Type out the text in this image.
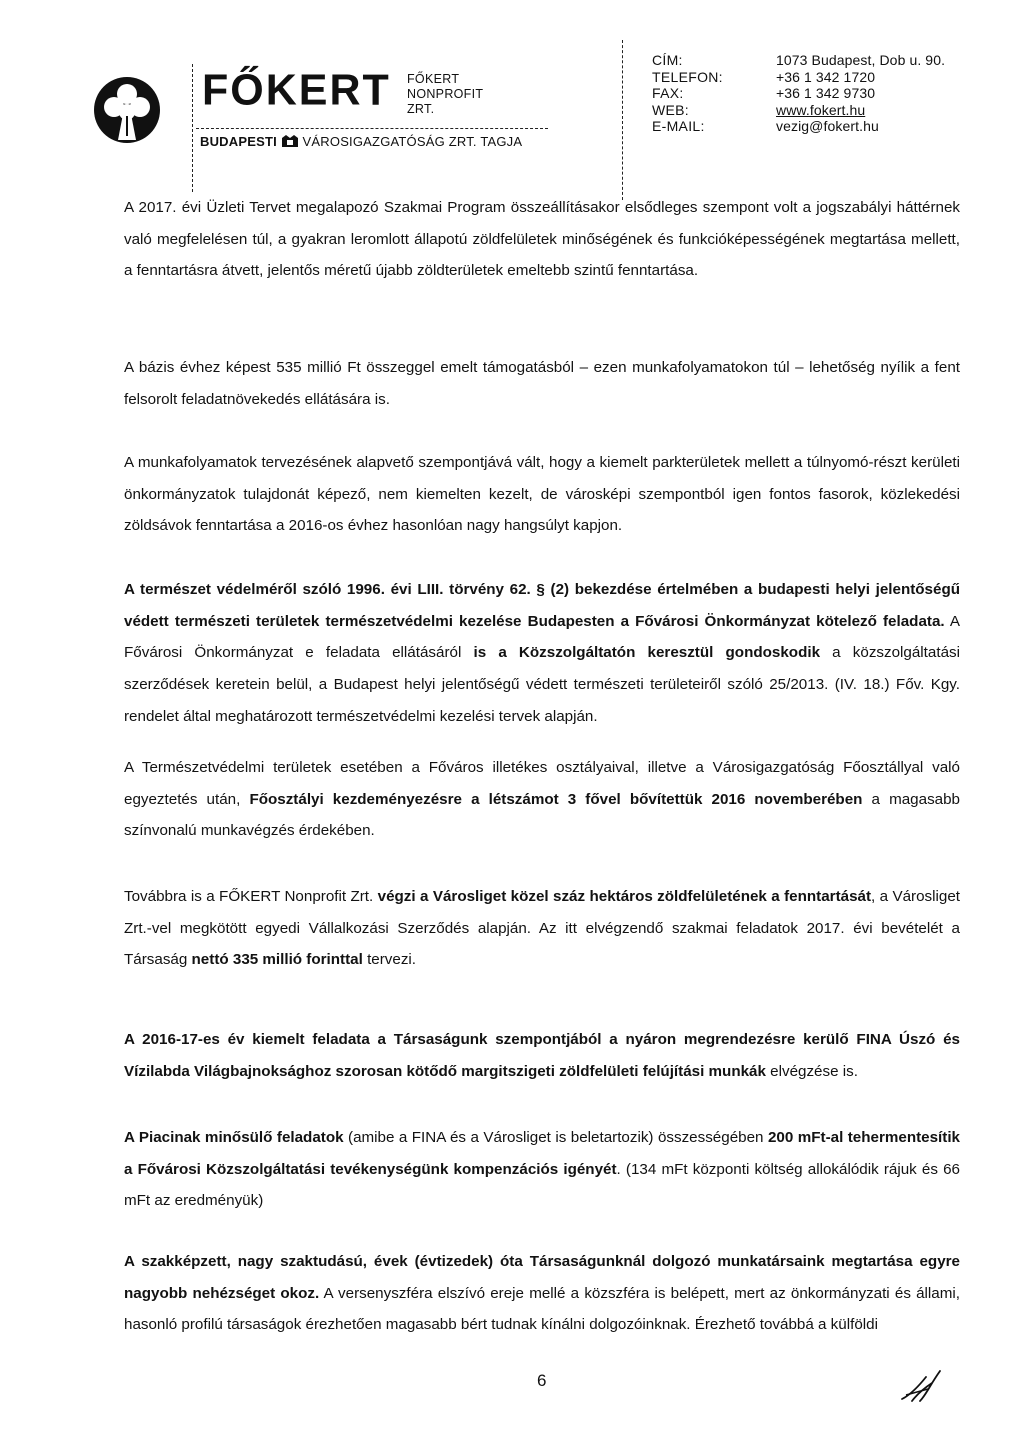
FŐKERT FŐKERT
NONPROFIT ZRT.
BUDAPESTI VÁROSIGAZGATÓSÁG ZRT. TAGJA
CÍM:	1073 Budapest, Dob u. 90.
TELEFON:	+36 1 342 1720
FAX:	+36 1 342 9730
WEB:	www.fokert.hu
E-MAIL:	vezig@fokert.hu

A 2017. évi Üzleti Tervet megalapozó Szakmai Program összeállításakor elsődleges szempont volt a jogszabályi háttérnek való megfelelésen túl, a gyakran leromlott állapotú zöldfelületek minőségének és funkcióképességének megtartása mellett, a fenntartásra átvett, jelentős méretű újabb zöldterületek emeltebb szintű fenntartása.

A bázis évhez képest 535 millió Ft összeggel emelt támogatásból – ezen munkafolyamatokon túl – lehetőség nyílik a fent felsorolt feladatnövekedés ellátására is.

A munkafolyamatok tervezésének alapvető szempontjává vált, hogy a kiemelt parkterületek mellett a túlnyomó-részt kerületi önkormányzatok tulajdonát képező, nem kiemelten kezelt, de városképi szempontból igen fontos fasorok, közlekedési zöldsávok fenntartása a 2016-os évhez hasonlóan nagy hangsúlyt kapjon.

A természet védelméről szóló 1996. évi LIII. törvény 62. § (2) bekezdése értelmében a budapesti helyi jelentőségű védett természeti területek természetvédelmi kezelése Budapesten a Fővárosi Önkormányzat kötelező feladata. A Fővárosi Önkormányzat e feladata ellátásáról is a Közszolgáltatón keresztül gondoskodik a közszolgáltatási szerződések keretein belül, a Budapest helyi jelentőségű védett természeti területeiről szóló 25/2013. (IV. 18.) Főv. Kgy. rendelet által meghatározott természetvédelmi kezelési tervek alapján.

A Természetvédelmi területek esetében a Főváros illetékes osztályaival, illetve a Városigazgatóság Főosztállyal való egyeztetés után, Főosztályi kezdeményezésre a létszámot 3 fővel bővítettük 2016 novemberében a magasabb színvonalú munkavégzés érdekében.

Továbbra is a FŐKERT Nonprofit Zrt. végzi a Városliget közel száz hektáros zöldfelületének a fenntartását, a Városliget Zrt.-vel megkötött egyedi Vállalkozási Szerződés alapján. Az itt elvégzendő szakmai feladatok 2017. évi bevételét a Társaság nettó 335 millió forinttal tervezi.

A 2016-17-es év kiemelt feladata a Társaságunk szempontjából a nyáron megrendezésre kerülő FINA Úszó és Vízilabda Világbajnoksághoz szorosan kötődő margitszigeti zöldfelületi felújítási munkák elvégzése is.

A Piacinak minősülő feladatok (amibe a FINA és a Városliget is beletartozik) összességében 200 mFt-al tehermentesítik a Fővárosi Közszolgáltatási tevékenységünk kompenzációs igényét. (134 mFt központi költség allokálódik rájuk és 66 mFt az eredményük)

A szakképzett, nagy szaktudású, évek (évtizedek) óta Társaságunknál dolgozó munkatársaink megtartása egyre nagyobb nehézséget okoz. A versenyszféra elszívó ereje mellé a közszféra is belépett, mert az önkormányzati és állami, hasonló profilú társaságok érezhetően magasabb bért tudnak kínálni dolgozóinknak. Érezhető továbbá a külföldi

6
